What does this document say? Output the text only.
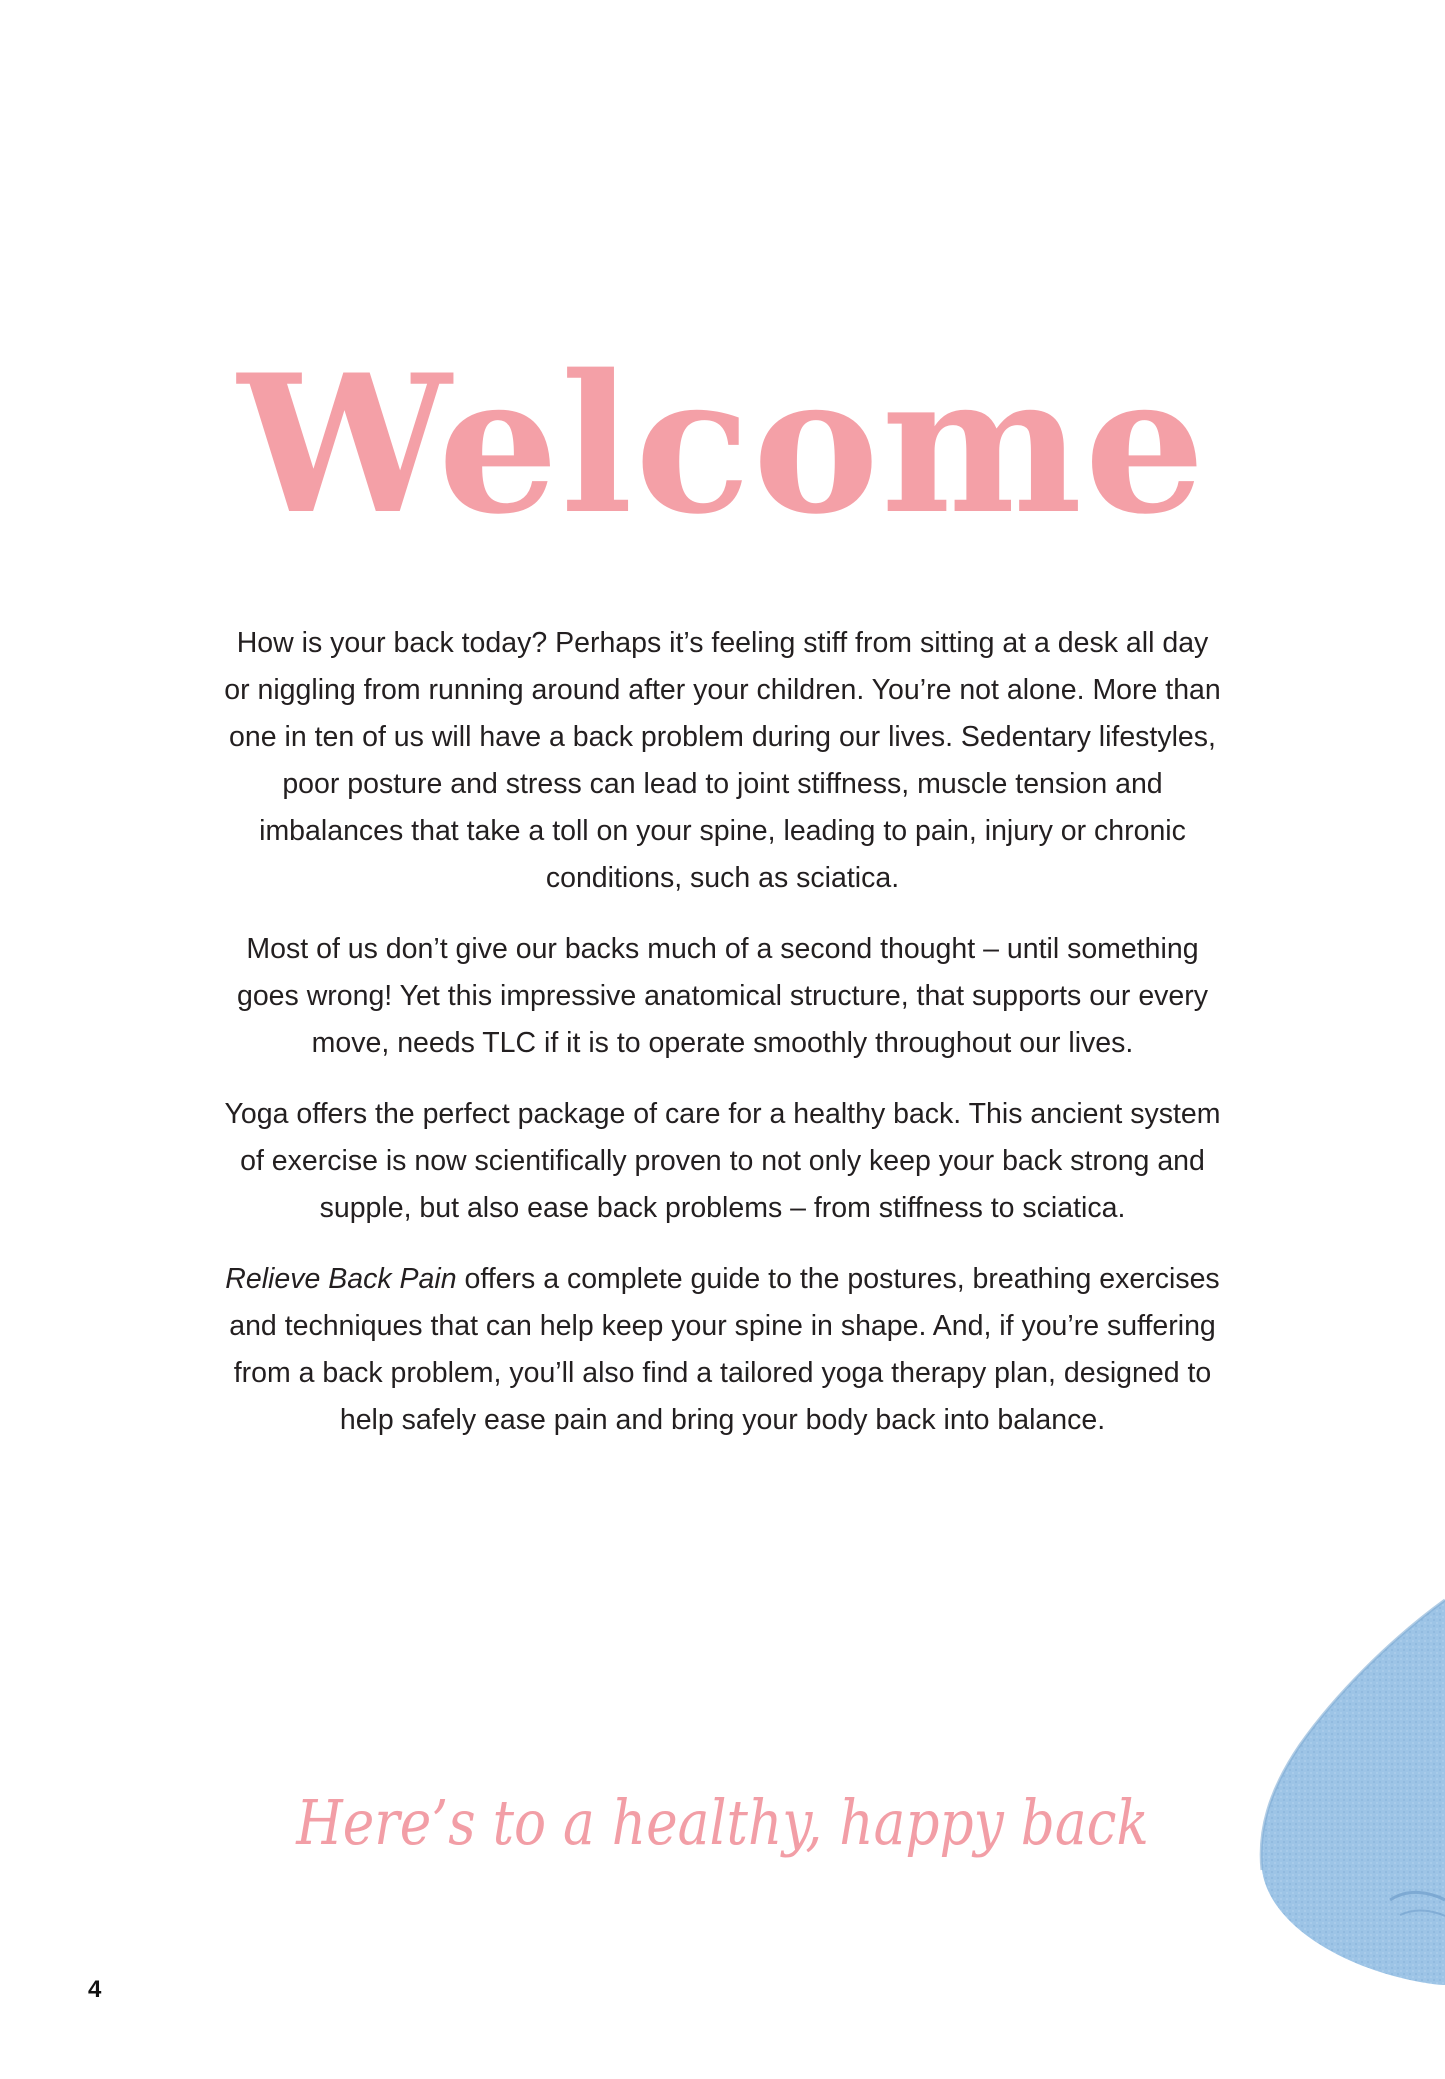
Welcome

How is your back today? Perhaps it’s feeling stiff from sitting at a desk all day or niggling from running around after your children. You’re not alone. More than one in ten of us will have a back problem during our lives. Sedentary lifestyles, poor posture and stress can lead to joint stiffness, muscle tension and imbalances that take a toll on your spine, leading to pain, injury or chronic conditions, such as sciatica.

Most of us don’t give our backs much of a second thought – until something goes wrong! Yet this impressive anatomical structure, that supports our every move, needs TLC if it is to operate smoothly throughout our lives.

Yoga offers the perfect package of care for a healthy back. This ancient system of exercise is now scientifically proven to not only keep your back strong and supple, but also ease back problems – from stiffness to sciatica.

Relieve Back Pain offers a complete guide to the postures, breathing exercises and techniques that can help keep your spine in shape. And, if you’re suffering from a back problem, you’ll also find a tailored yoga therapy plan, designed to help safely ease pain and bring your body back into balance.

Here’s to a healthy, happy back
4
